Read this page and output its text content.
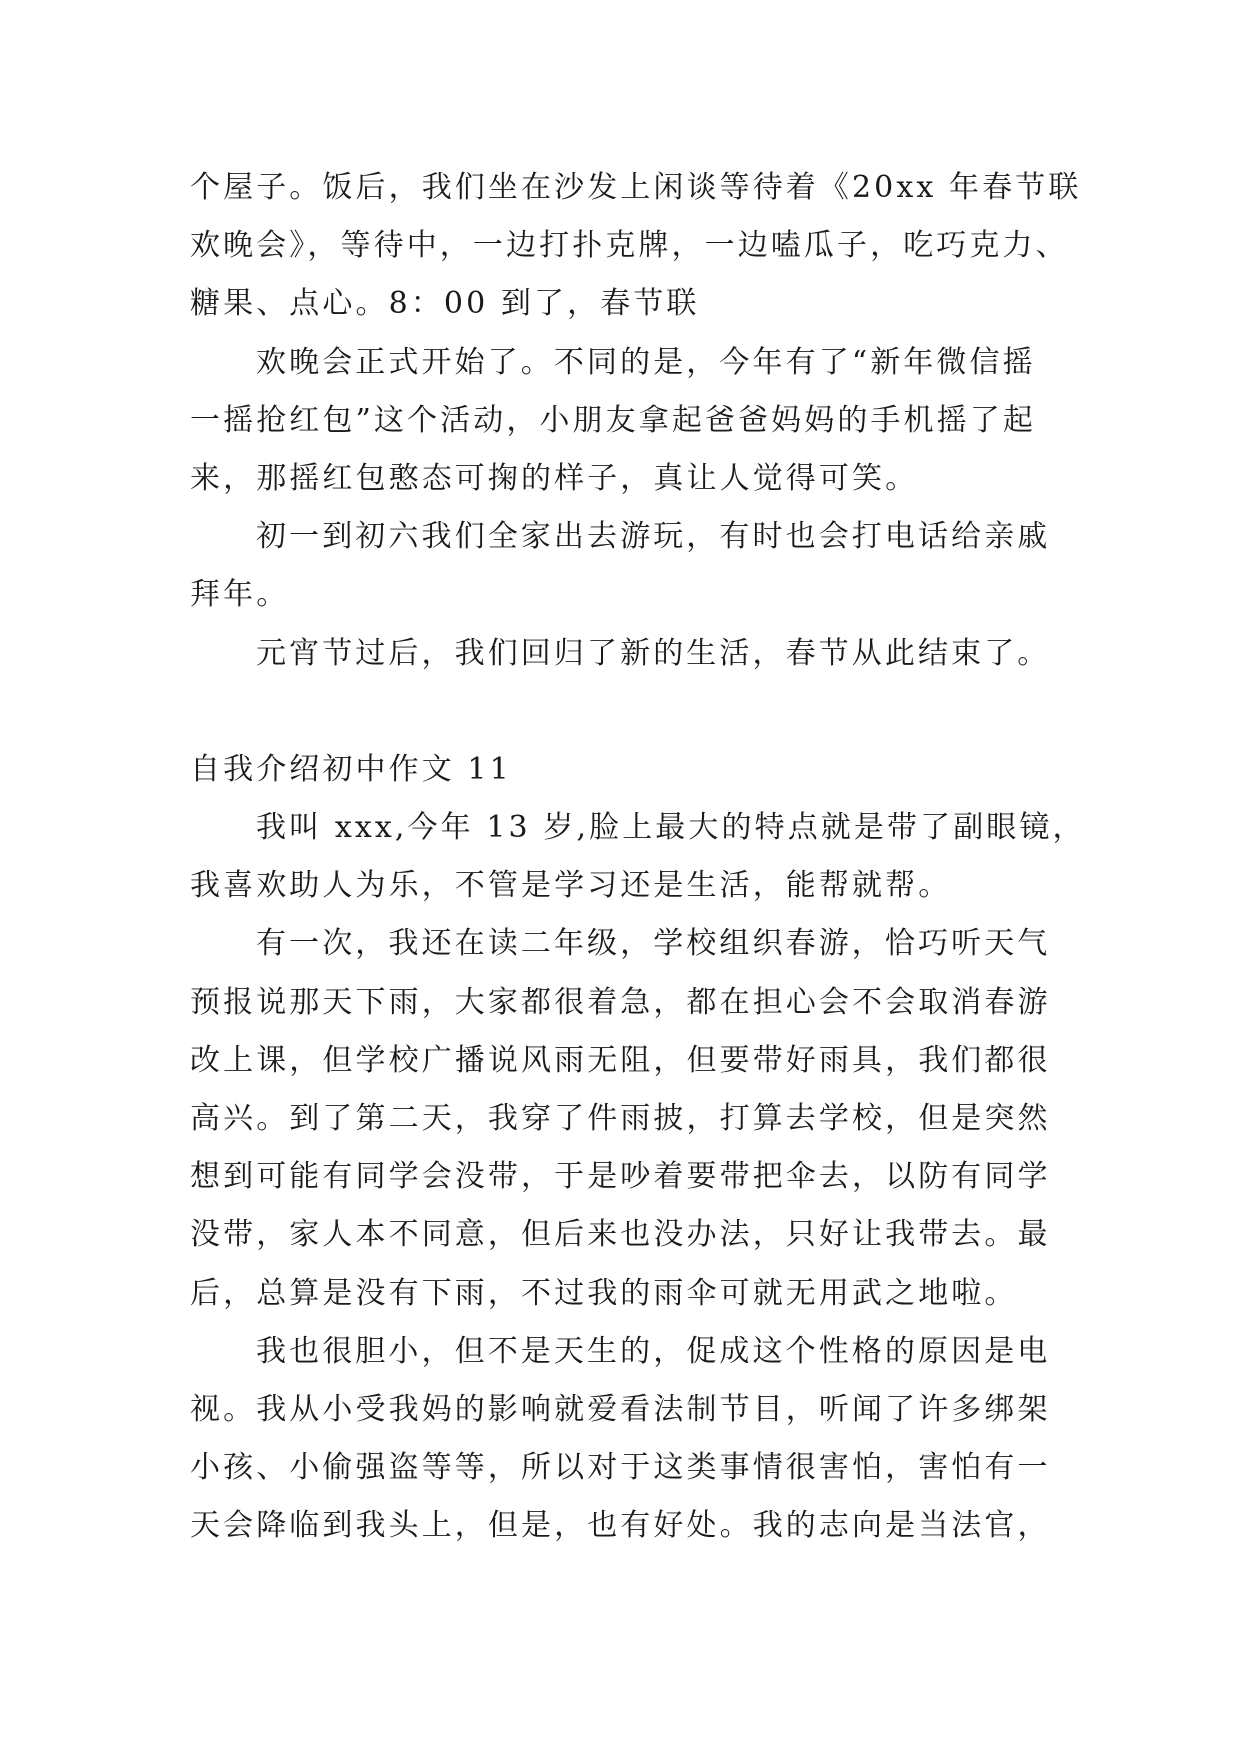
个屋子。饭后，我们坐在沙发上闲谈等待着《20xx 年春节联
欢晚会》，等待中，一边打扑克牌，一边嗑瓜子，吃巧克力、
糖果、点心。8：00 到了，春节联
欢晚会正式开始了。不同的是，今年有了“新年微信摇
一摇抢红包”这个活动，小朋友拿起爸爸妈妈的手机摇了起
来，那摇红包憨态可掬的样子，真让人觉得可笑。
初一到初六我们全家出去游玩，有时也会打电话给亲戚
拜年。
元宵节过后，我们回归了新的生活，春节从此结束了。
自我介绍初中作文 11
我叫 xxx,今年 13 岁,脸上最大的特点就是带了副眼镜，
我喜欢助人为乐，不管是学习还是生活，能帮就帮。
有一次，我还在读二年级，学校组织春游，恰巧听天气
预报说那天下雨，大家都很着急，都在担心会不会取消春游
改上课，但学校广播说风雨无阻，但要带好雨具，我们都很
高兴。到了第二天，我穿了件雨披，打算去学校，但是突然
想到可能有同学会没带，于是吵着要带把伞去，以防有同学
没带，家人本不同意，但后来也没办法，只好让我带去。最
后，总算是没有下雨，不过我的雨伞可就无用武之地啦。
我也很胆小，但不是天生的，促成这个性格的原因是电
视。我从小受我妈的影响就爱看法制节目，听闻了许多绑架
小孩、小偷强盗等等，所以对于这类事情很害怕，害怕有一
天会降临到我头上，但是，也有好处。我的志向是当法官，
